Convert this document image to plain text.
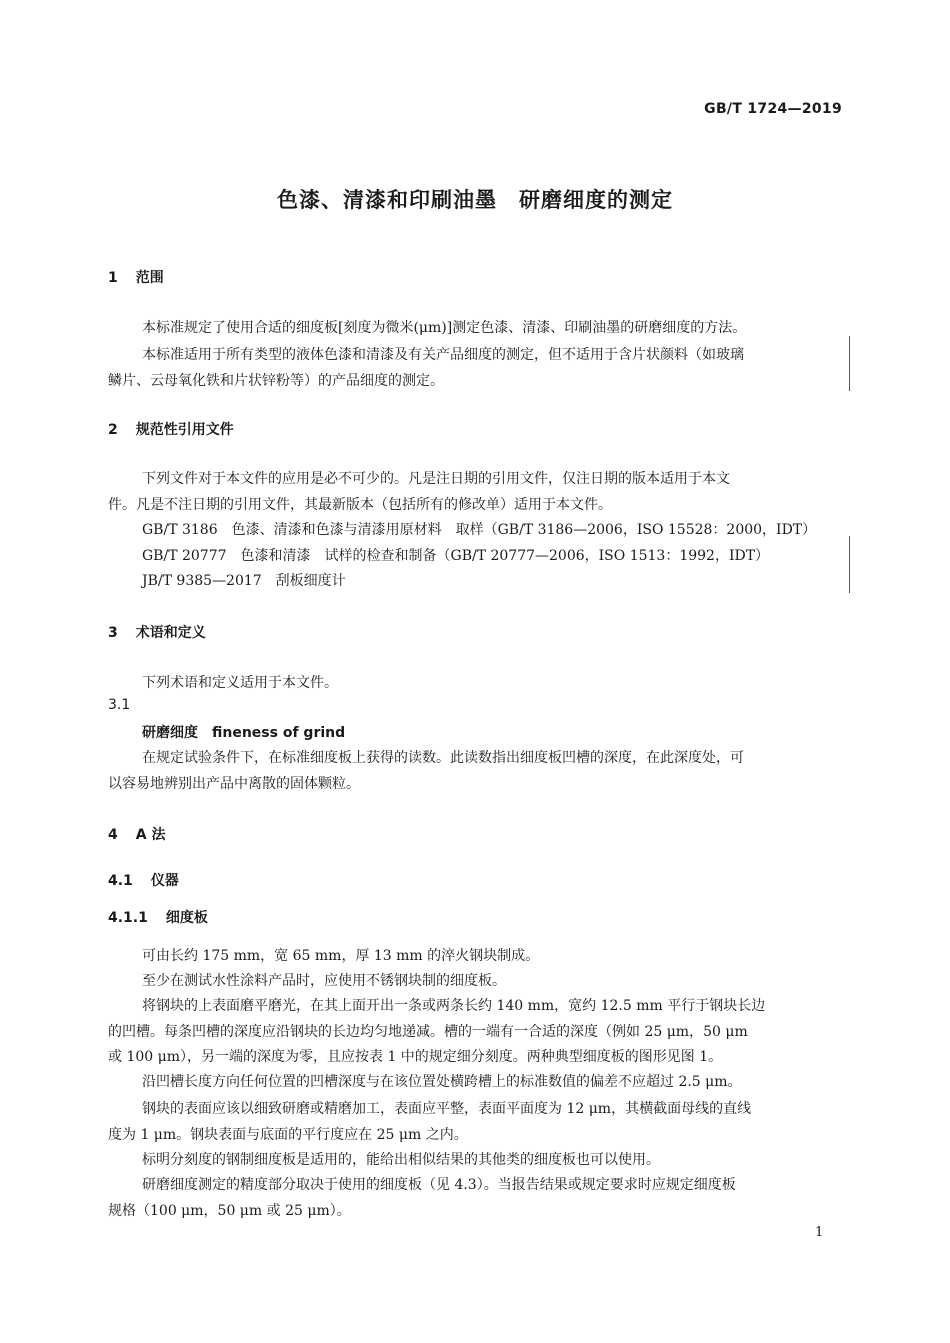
GB/T 1724—2019
色漆、清漆和印刷油墨　研磨细度的测定
1 范围
本标准规定了使用合适的细度板[刻度为微米(μm)]测定色漆、清漆、印刷油墨的研磨细度的方法。
本标准适用于所有类型的液体色漆和清漆及有关产品细度的测定，但不适用于含片状颜料（如玻璃
鳞片、云母氧化铁和片状锌粉等）的产品细度的测定。
2 规范性引用文件
下列文件对于本文件的应用是必不可少的。凡是注日期的引用文件，仅注日期的版本适用于本文
件。凡是不注日期的引用文件，其最新版本（包括所有的修改单）适用于本文件。
GB/T 3186　色漆、清漆和色漆与清漆用原材料　取样（GB/T 3186—2006，ISO 15528：2000，IDT）
GB/T 20777　色漆和清漆　试样的检查和制备（GB/T 20777—2006，ISO 1513：1992，IDT）
JB/T 9385—2017　刮板细度计
3 术语和定义
下列术语和定义适用于本文件。
3.1
研磨细度　fineness of grind
在规定试验条件下，在标准细度板上获得的读数。此读数指出细度板凹槽的深度，在此深度处，可
以容易地辨别出产品中离散的固体颗粒。
4 A 法
4.1 仪器
4.1.1 细度板
可由长约 175 mm，宽 65 mm，厚 13 mm 的淬火钢块制成。
至少在测试水性涂料产品时，应使用不锈钢块制的细度板。
将钢块的上表面磨平磨光，在其上面开出一条或两条长约 140 mm，宽约 12.5 mm 平行于钢块长边
的凹槽。每条凹槽的深度应沿钢块的长边均匀地递减。槽的一端有一合适的深度（例如 25 μm，50 μm
或 100 μm），另一端的深度为零，且应按表 1 中的规定细分刻度。两种典型细度板的图形见图 1。
沿凹槽长度方向任何位置的凹槽深度与在该位置处横跨槽上的标准数值的偏差不应超过 2.5 μm。
钢块的表面应该以细致研磨或精磨加工，表面应平整，表面平面度为 12 μm，其横截面母线的直线
度为 1 μm。钢块表面与底面的平行度应在 25 μm 之内。
标明分刻度的钢制细度板是适用的，能给出相似结果的其他类的细度板也可以使用。
研磨细度测定的精度部分取决于使用的细度板（见 4.3）。当报告结果或规定要求时应规定细度板
规格（100 μm，50 μm 或 25 μm）。
1
